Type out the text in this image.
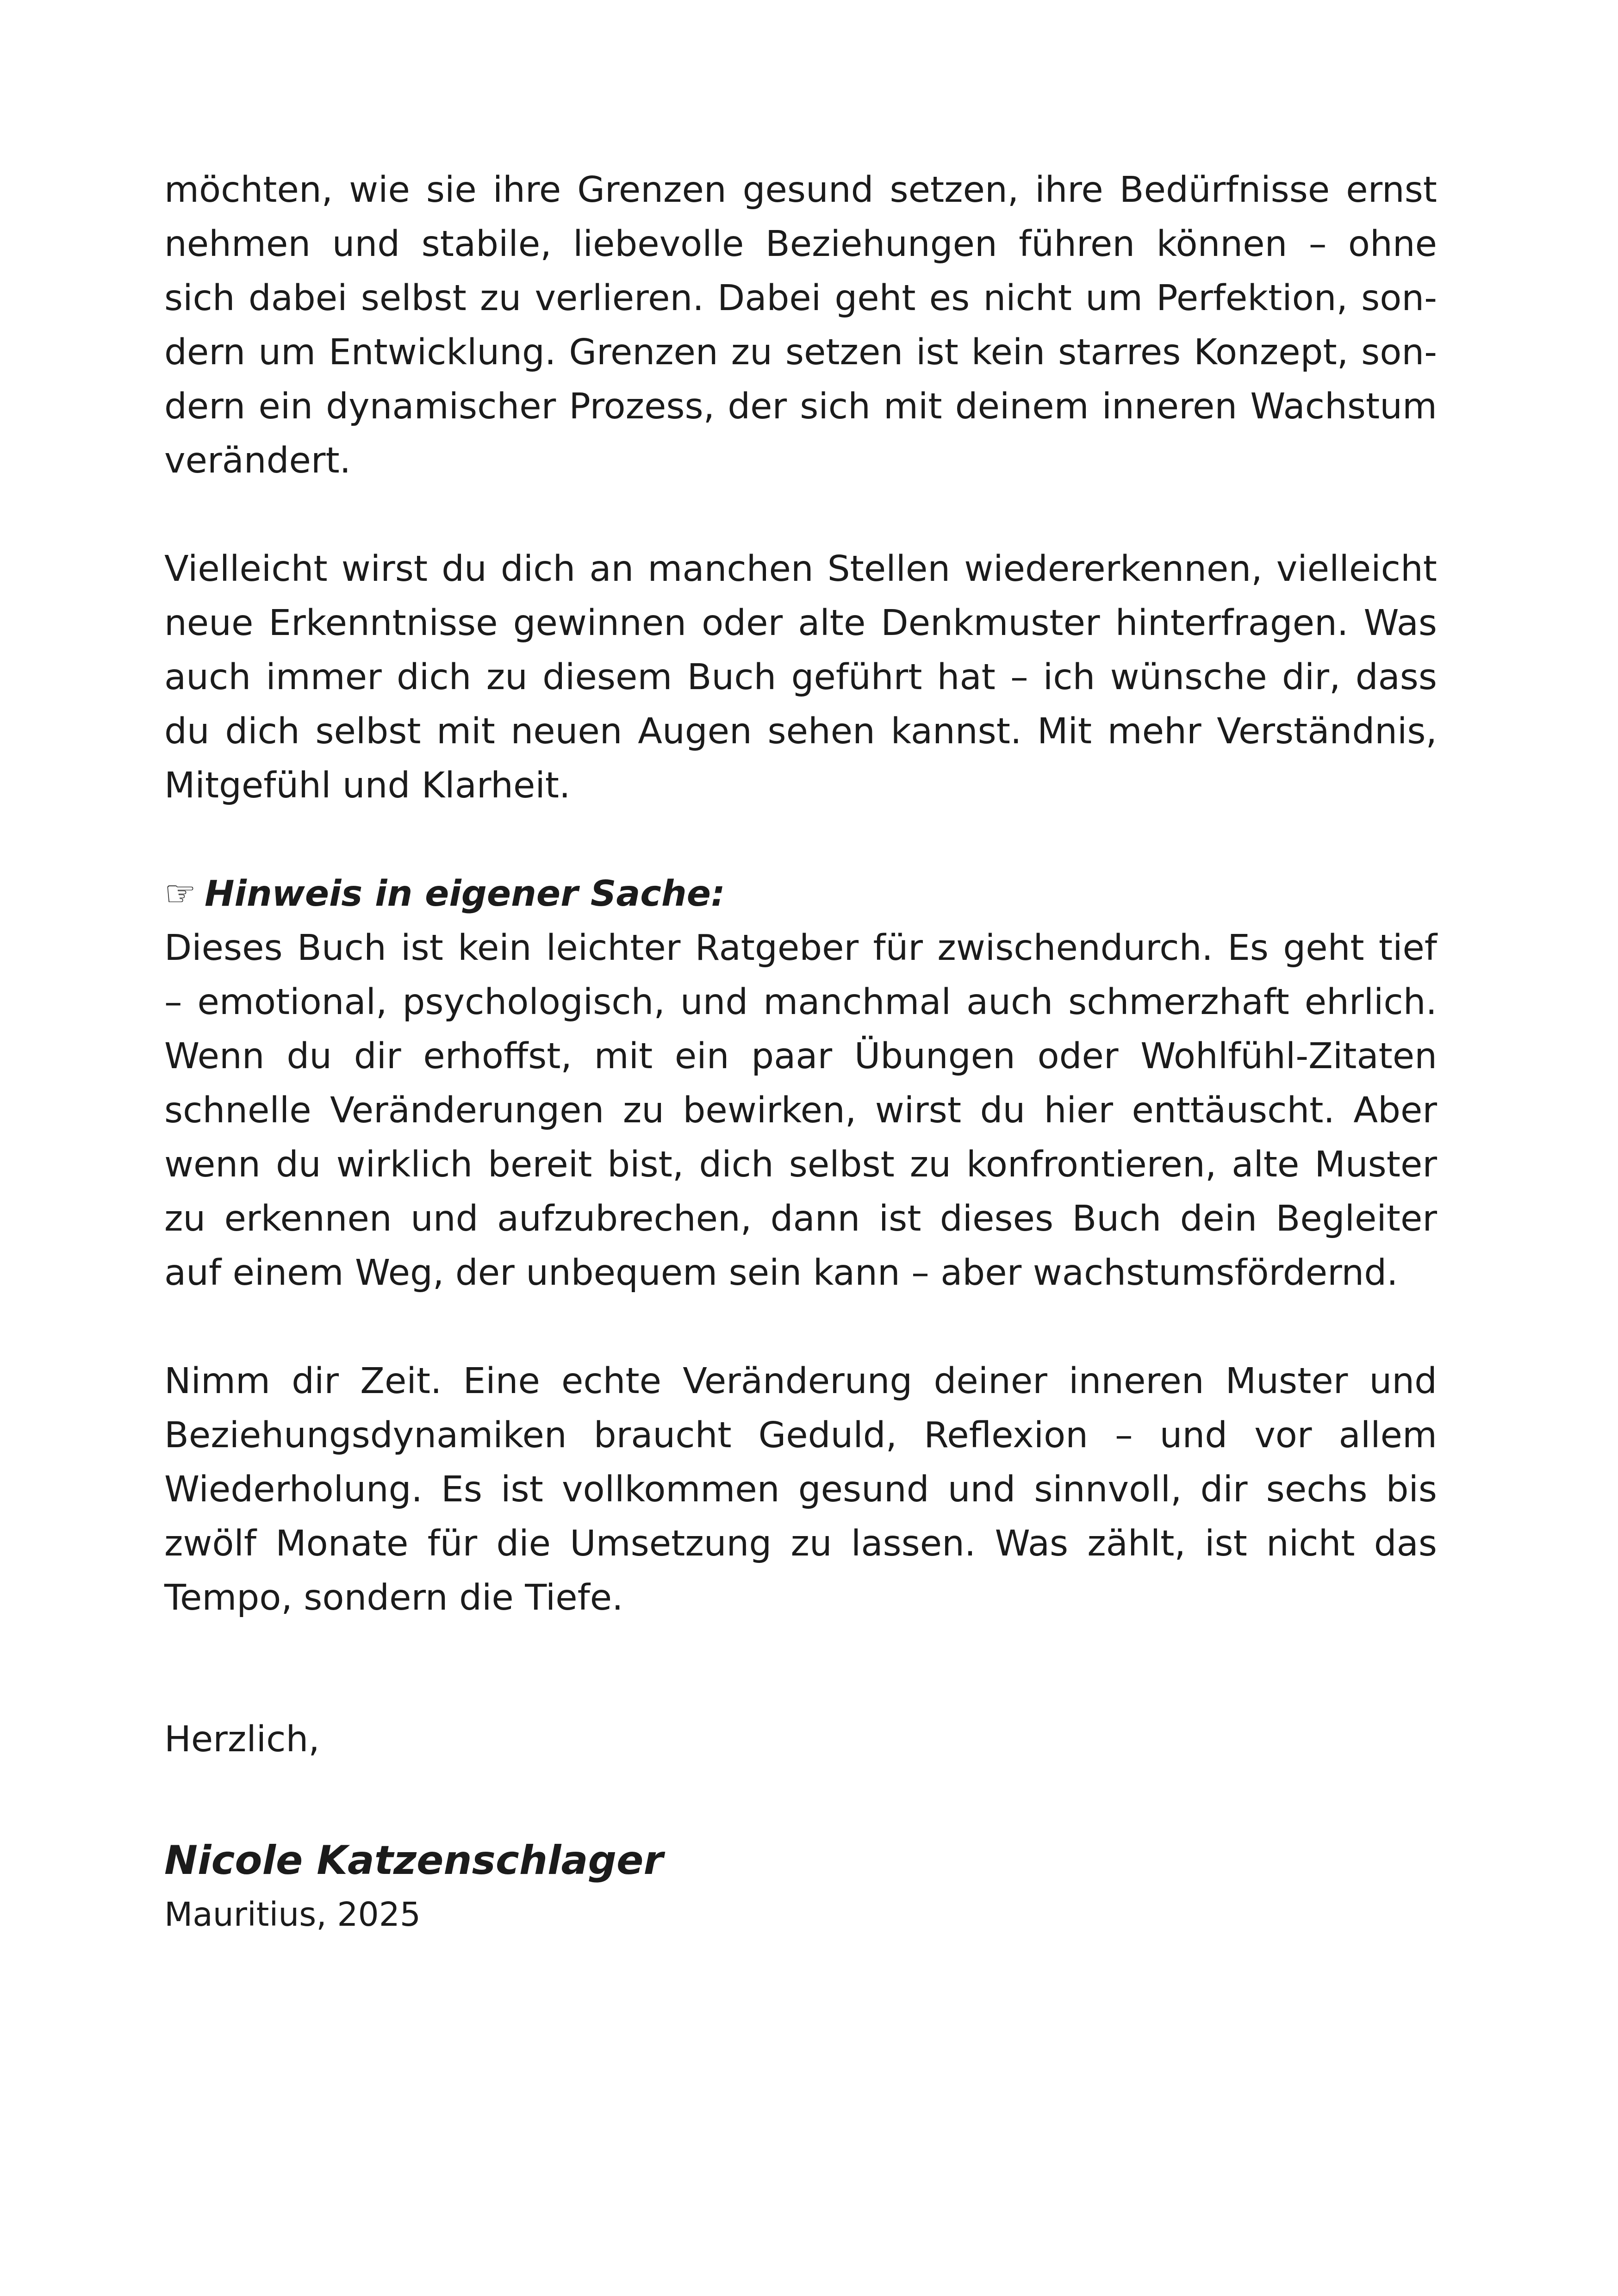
möchten, wie sie ihre Grenzen gesund setzen, ihre Bedürfnisse ernst
nehmen und stabile, liebevolle Beziehungen führen können – ohne
sich dabei selbst zu verlieren. Dabei geht es nicht um Perfektion, son-
dern um Entwicklung. Grenzen zu setzen ist kein starres Konzept, son-
dern ein dynamischer Prozess, der sich mit deinem inneren Wachstum
verändert.
Vielleicht wirst du dich an manchen Stellen wiedererkennen, vielleicht
neue Erkenntnisse gewinnen oder alte Denkmuster hinterfragen. Was
auch immer dich zu diesem Buch geführt hat – ich wünsche dir, dass
du dich selbst mit neuen Augen sehen kannst. Mit mehr Verständnis,
Mitgefühl und Klarheit.
☞ Hinweis in eigener Sache:
Dieses Buch ist kein leichter Ratgeber für zwischendurch. Es geht tief
– emotional, psychologisch, und manchmal auch schmerzhaft ehrlich.
Wenn du dir erhoffst, mit ein paar Übungen oder Wohlfühl-Zitaten
schnelle Veränderungen zu bewirken, wirst du hier enttäuscht. Aber
wenn du wirklich bereit bist, dich selbst zu konfrontieren, alte Muster
zu erkennen und aufzubrechen, dann ist dieses Buch dein Begleiter
auf einem Weg, der unbequem sein kann – aber wachstumsfördernd.
Nimm dir Zeit. Eine echte Veränderung deiner inneren Muster und
Beziehungsdynamiken braucht Geduld, Reflexion – und vor allem
Wiederholung. Es ist vollkommen gesund und sinnvoll, dir sechs bis
zwölf Monate für die Umsetzung zu lassen. Was zählt, ist nicht das
Tempo, sondern die Tiefe.
Herzlich,
Nicole Katzenschlager
Mauritius, 2025
